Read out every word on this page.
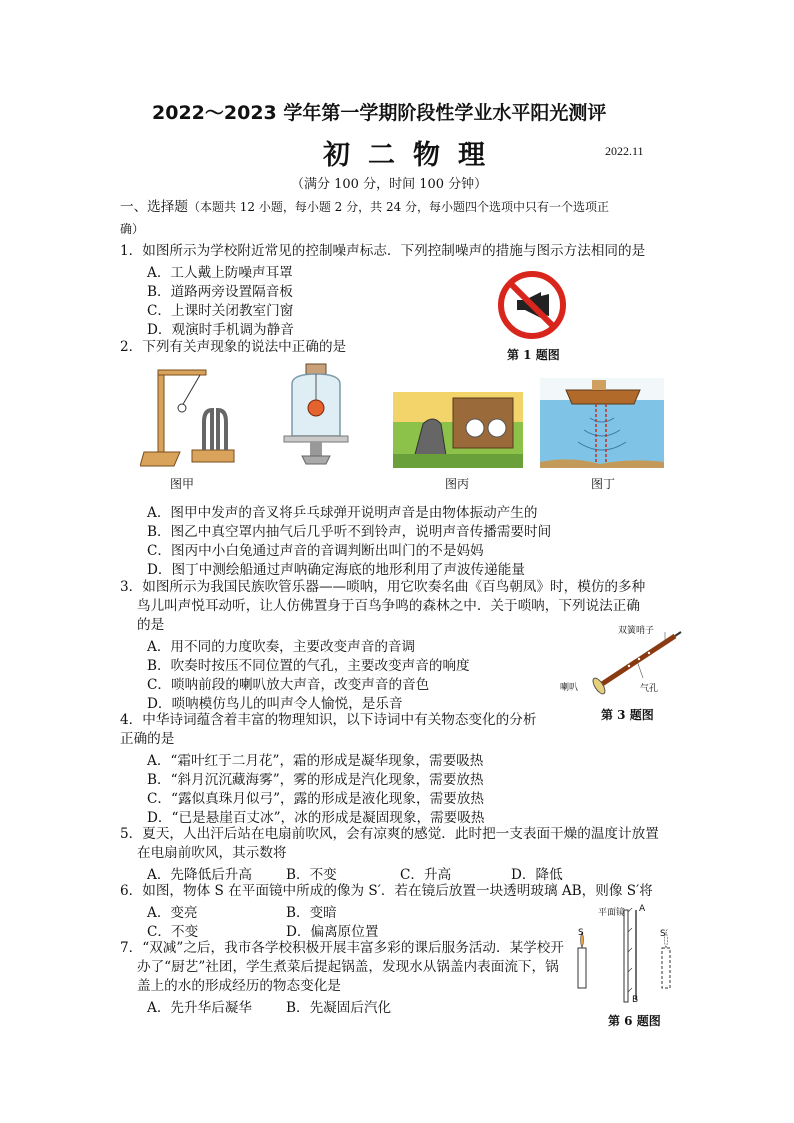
2022～2023 学年第一学期阶段性学业水平阳光测评
初二物理	2022.11
（满分 100 分，时间 100 分钟）
一、选择题（本题共 12 小题，每小题 2 分，共 24 分，每小题四个选项中只有一个选项正
确）
1．如图所示为学校附近常见的控制噪声标志．下列控制噪声的措施与图示方法相同的是
A．工人戴上防噪声耳罩
B．道路两旁设置隔音板
C．上课时关闭教室门窗
D．观演时手机调为静音
第 1 题图
2．下列有关声现象的说法中正确的是
图甲	图丙	图丁
A．图甲中发声的音叉将乒乓球弹开说明声音是由物体振动产生的
B．图乙中真空罩内抽气后几乎听不到铃声，说明声音传播需要时间
C．图丙中小白兔通过声音的音调判断出叫门的不是妈妈
D．图丁中测绘船通过声呐确定海底的地形利用了声波传递能量
3．如图所示为我国民族吹管乐器——唢呐，用它吹奏名曲《百鸟朝凤》时，模仿的多种
鸟儿叫声悦耳动听，让人仿佛置身于百鸟争鸣的森林之中．关于唢呐，下列说法正确
的是
A．用不同的力度吹奏，主要改变声音的音调
B．吹奏时按压不同位置的气孔，主要改变声音的响度
C．唢呐前段的喇叭放大声音，改变声音的音色
D．唢呐模仿鸟儿的叫声令人愉悦，是乐音
双簧哨子
喇叭	气孔
第 3 题图
4．中华诗词蕴含着丰富的物理知识，以下诗词中有关物态变化的分析
正确的是
A．“霜叶红于二月花”，霜的形成是凝华现象，需要吸热
B．“斜月沉沉藏海雾”，雾的形成是汽化现象，需要放热
C．“露似真珠月似弓”，露的形成是液化现象，需要放热
D．“已是悬崖百丈冰”，冰的形成是凝固现象，需要吸热
5．夏天，人出汗后站在电扇前吹风，会有凉爽的感觉．此时把一支表面干燥的温度计放置
在电扇前吹风，其示数将
A．先降低后升高	B．不变	C．升高	D．降低
6．如图，物体 S 在平面镜中所成的像为 S′．若在镜后放置一块透明玻璃 AB，则像 S′将
A．变亮	B．变暗
C．不变	D．偏离原位置
平面镜 A
B
S	S′
第 6 题图
7．“双减”之后，我市各学校积极开展丰富多彩的课后服务活动．某学校开
办了“厨艺”社团，学生煮菜后提起锅盖，发现水从锅盖内表面流下，锅
盖上的水的形成经历的物态变化是
A．先升华后凝华	B．先凝固后汽化
